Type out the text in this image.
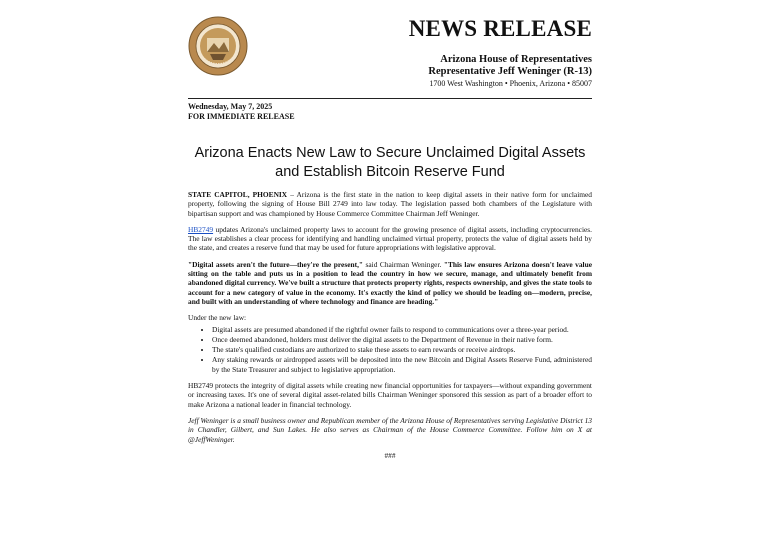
NEWS RELEASE
Arizona House of Representatives
Representative Jeff Weninger (R-13)
1700 West Washington • Phoenix, Arizona • 85007
Wednesday, May 7, 2025
FOR IMMEDIATE RELEASE
Arizona Enacts New Law to Secure Unclaimed Digital Assets and Establish Bitcoin Reserve Fund

STATE CAPITOL, PHOENIX – Arizona is the first state in the nation to keep digital assets in their native form for unclaimed property, following the signing of House Bill 2749 into law today. The legislation passed both chambers of the Legislature with bipartisan support and was championed by House Commerce Committee Chairman Jeff Weninger.

HB2749 updates Arizona's unclaimed property laws to account for the growing presence of digital assets, including cryptocurrencies. The law establishes a clear process for identifying and handling unclaimed virtual property, protects the value of digital assets held by the state, and creates a reserve fund that may be used for future appropriations with legislative approval.

"Digital assets aren't the future—they're the present," said Chairman Weninger. "This law ensures Arizona doesn't leave value sitting on the table and puts us in a position to lead the country in how we secure, manage, and ultimately benefit from abandoned digital currency. We've built a structure that protects property rights, respects ownership, and gives the state tools to account for a new category of value in the economy. It's exactly the kind of policy we should be leading on—modern, precise, and built with an understanding of where technology and finance are heading."

Under the new law:
• Digital assets are presumed abandoned if the rightful owner fails to respond to communications over a three-year period.
• Once deemed abandoned, holders must deliver the digital assets to the Department of Revenue in their native form.
• The state's qualified custodians are authorized to stake these assets to earn rewards or receive airdrops.
• Any staking rewards or airdropped assets will be deposited into the new Bitcoin and Digital Assets Reserve Fund, administered by the State Treasurer and subject to legislative appropriation.

HB2749 protects the integrity of digital assets while creating new financial opportunities for taxpayers—without expanding government or increasing taxes. It's one of several digital asset-related bills Chairman Weninger sponsored this session as part of a broader effort to make Arizona a national leader in financial technology.

Jeff Weninger is a small business owner and Republican member of the Arizona House of Representatives serving Legislative District 13 in Chandler, Gilbert, and Sun Lakes. He also serves as Chairman of the House Commerce Committee. Follow him on X at @JeffWeninger.

###
